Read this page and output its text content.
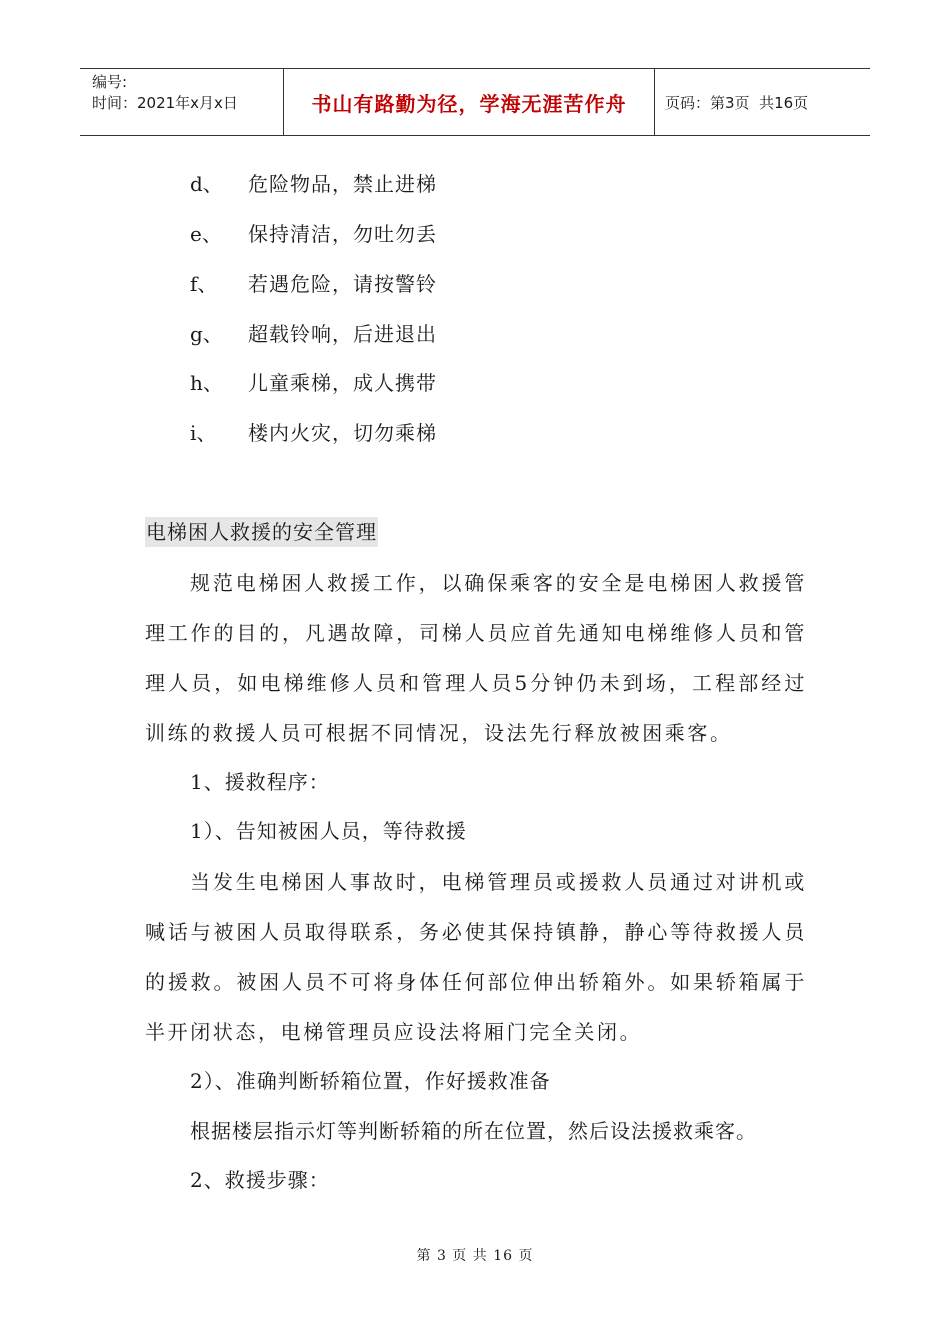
编号:
时间：2021年x月x日	书山有路勤为径，学海无涯苦作舟	页码：第3页  共16页
d、	危险物品，禁止进梯
e、	保持清洁，勿吐勿丢
f、	若遇危险，请按警铃
g、	超载铃响，后进退出
h、	儿童乘梯，成人携带
i、	楼内火灾，切勿乘梯
电梯困人救援的安全管理

规范电梯困人救援工作，以确保乘客的安全是电梯困人救援管理工作的目的，凡遇故障，司梯人员应首先通知电梯维修人员和管理人员，如电梯维修人员和管理人员5分钟仍未到场，工程部经过训练的救援人员可根据不同情况，设法先行释放被困乘客。

1、援救程序：
1）、告知被困人员，等待救援

当发生电梯困人事故时，电梯管理员或援救人员通过对讲机或喊话与被困人员取得联系，务必使其保持镇静，静心等待救援人员的援救。被困人员不可将身体任何部位伸出轿箱外。如果轿箱属于半开闭状态，电梯管理员应设法将厢门完全关闭。

2）、准确判断轿箱位置，作好援救准备
根据楼层指示灯等判断轿箱的所在位置，然后设法援救乘客。
2、救援步骤：
第 3 页 共 16 页
